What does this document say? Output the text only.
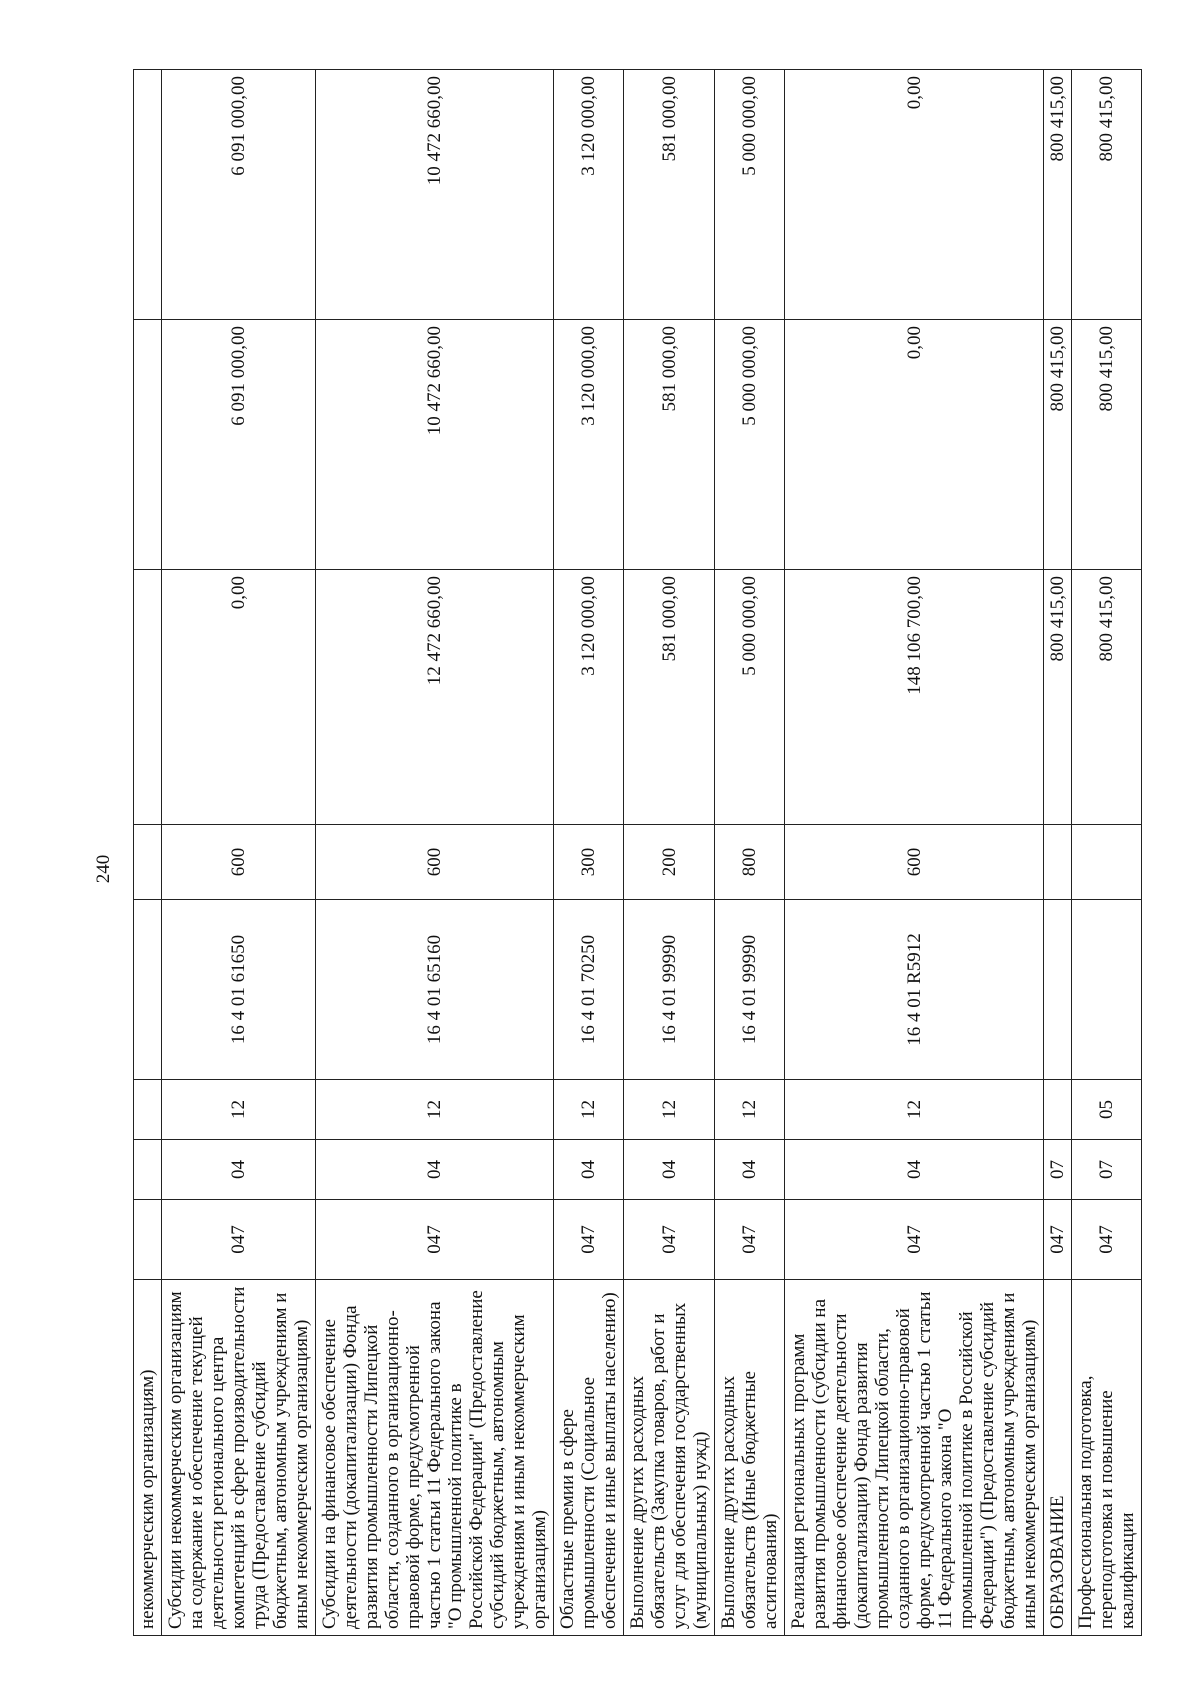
240
некоммерческим организациям)								
Субсидии некоммерческим организациям на содержание и обеспечение текущей деятельности регионального центра компетенций в сфере производительности труда (Предоставление субсидий бюджетным, автономным учреждениям и иным некоммерческим организациям)	047	04	12	16 4 01 61650	600	0,00	6 091 000,00	6 091 000,00
Субсидии на финансовое обеспечение деятельности (докапитализации) Фонда развития промышленности Липецкой области, созданного в организационно-правовой форме, предусмотренной частью 1 статьи 11 Федерального закона "О промышленной политике в Российской Федерации" (Предоставление субсидий бюджетным, автономным учреждениям и иным некоммерческим организациям)	047	04	12	16 4 01 65160	600	12 472 660,00	10 472 660,00	10 472 660,00
Областные премии в сфере промышленности (Социальное обеспечение и иные выплаты населению)	047	04	12	16 4 01 70250	300	3 120 000,00	3 120 000,00	3 120 000,00
Выполнение других расходных обязательств (Закупка товаров, работ и услуг для обеспечения государственных (муниципальных) нужд)	047	04	12	16 4 01 99990	200	581 000,00	581 000,00	581 000,00
Выполнение других расходных обязательств (Иные бюджетные ассигнования)	047	04	12	16 4 01 99990	800	5 000 000,00	5 000 000,00	5 000 000,00
Реализация региональных программ развития промышленности (субсидии на финансовое обеспечение деятельности (докапитализации) Фонда развития промышленности Липецкой области, созданного в организационно-правовой форме, предусмотренной частью 1 статьи 11 Федерального закона "О промышленной политике в Российской Федерации") (Предоставление субсидий бюджетным, автономным учреждениям и иным некоммерческим организациям)	047	04	12	16 4 01 R5912	600	148 106 700,00	0,00	0,00
ОБРАЗОВАНИЕ	047	07				800 415,00	800 415,00	800 415,00
Профессиональная подготовка, переподготовка и повышение квалификации	047	07	05			800 415,00	800 415,00	800 415,00
